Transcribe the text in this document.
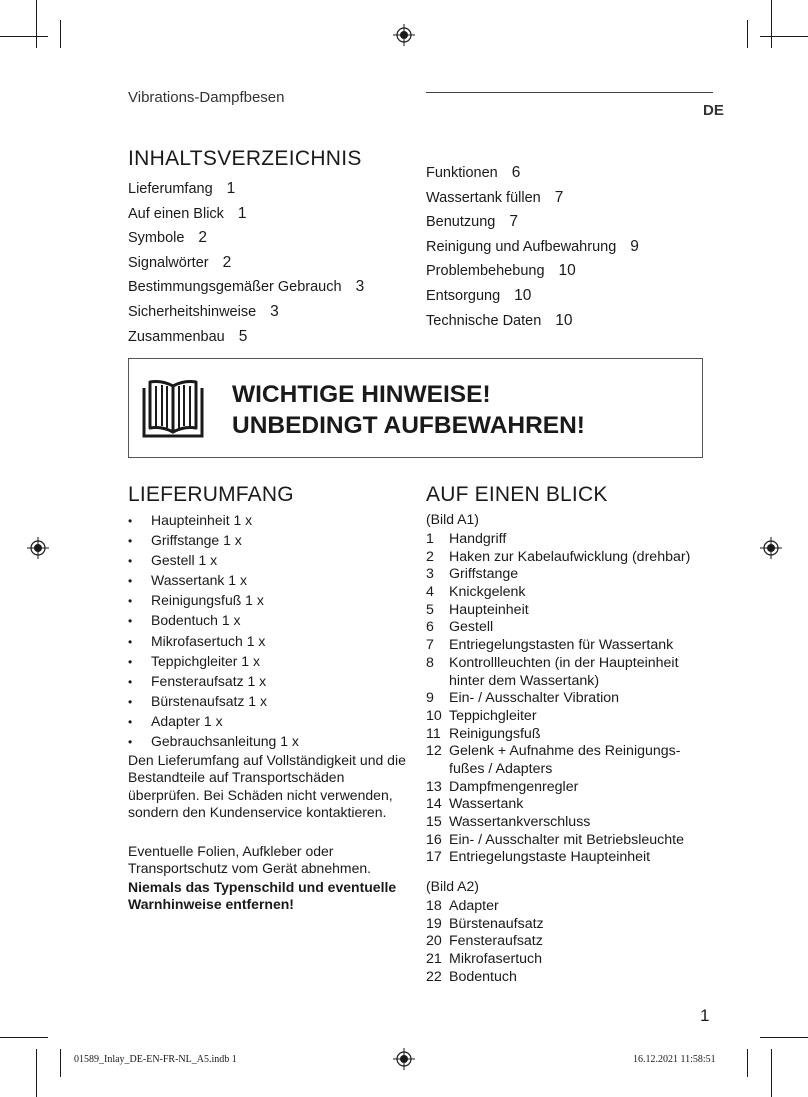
Vibrations-Dampfbesen
DE
INHALTSVERZEICHNIS
Lieferumfang 1
Auf einen Blick 1
Symbole 2
Signalwörter 2
Bestimmungsgemäßer Gebrauch 3
Sicherheitshinweise 3
Zusammenbau 5
Funktionen 6
Wassertank füllen 7
Benutzung 7
Reinigung und Aufbewahrung 9
Problembehebung 10
Entsorgung 10
Technische Daten 10
WICHTIGE HINWEISE!
UNBEDINGT AUFBEWAHREN!
LIEFERUMFANG
• Haupteinheit 1 x
• Griffstange 1 x
• Gestell 1 x
• Wassertank 1 x
• Reinigungsfuß 1 x
• Bodentuch 1 x
• Mikrofasertuch 1 x
• Teppichgleiter 1 x
• Fensteraufsatz 1 x
• Bürstenaufsatz 1 x
• Adapter 1 x
• Gebrauchsanleitung 1 x

Den Lieferumfang auf Vollständigkeit und die Bestandteile auf Transportschäden überprüfen. Bei Schäden nicht verwenden, sondern den Kundenservice kontaktieren.

Eventuelle Folien, Aufkleber oder Transportschutz vom Gerät abnehmen.

Niemals das Typenschild und eventuelle Warnhinweise entfernen!

AUF EINEN BLICK
(Bild A1)
1 Handgriff
2 Haken zur Kabelaufwicklung (drehbar)
3 Griffstange
4 Knickgelenk
5 Haupteinheit
6 Gestell
7 Entriegelungstasten für Wassertank
8 Kontrollleuchten (in der Haupteinheit
hinter dem Wassertank)
9 Ein- / Ausschalter Vibration
10 Teppichgleiter
11 Reinigungsfuß
12 Gelenk + Aufnahme des Reinigungs-
fußes / Adapters
13 Dampfmengenregler
14 Wassertank
15 Wassertankverschluss
16 Ein- / Ausschalter mit Betriebsleuchte
17 Entriegelungstaste Haupteinheit
(Bild A2)
18 Adapter
19 Bürstenaufsatz
20 Fensteraufsatz
21 Mikrofasertuch
22 Bodentuch
1
01589_Inlay_DE-EN-FR-NL_A5.indb 1	16.12.2021 11:58:51
